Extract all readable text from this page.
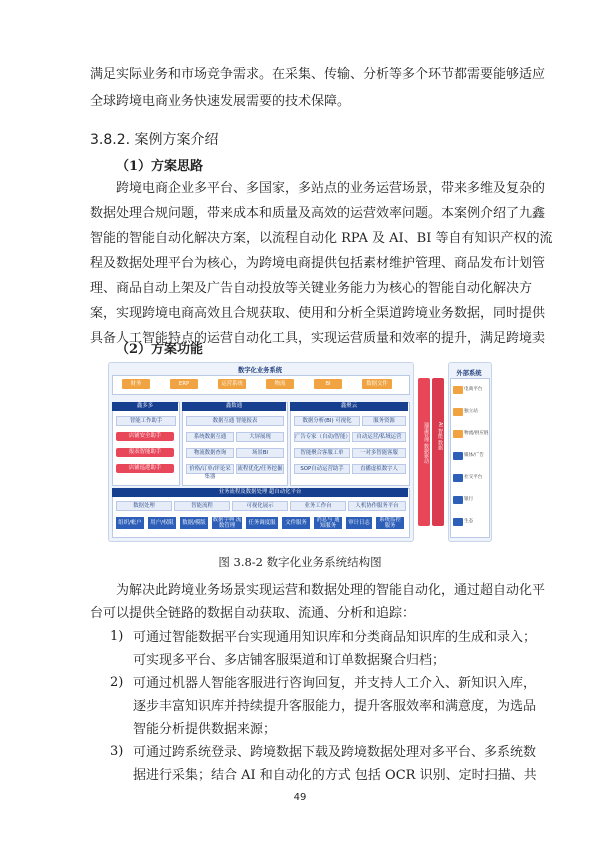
满足实际业务和市场竞争需求。在采集、传输、分析等多个环节都需要能够适应
全球跨境电商业务快速发展需要的技术保障。
3.8.2. 案例方案介绍
（1）方案思路
跨境电商企业多平台、多国家，多站点的业务运营场景，带来多维及复杂的
数据处理合规问题，带来成本和质量及高效的运营效率问题。本案例介绍了九鑫
智能的智能自动化解决方案，以流程自动化 RPA 及 AI、BI 等自有知识产权的流
程及数据处理平台为核心，为跨境电商提供包括素材维护管理、商品发布计划管
理、商品自动上架及广告自动投放等关键业务能力为核心的智能自动化解决方
案，实现跨境电商高效且合规获取、使用和分析全渠道跨境业务数据，同时提供
具备人工智能特点的运营自动化工具，实现运营质量和效率的提升，满足跨境卖
（2）方案功能
数字化业务系统
财务	ERP	运营系统	物流	BI	数据文件
鑫多多
智能工作助手
店铺安全助手
报表智能助手
店铺巡逻助手
鑫数通
数据互通 智能报表
系统数据互通
物流数据查询
价格/订单/评论采集器
大屏展现
场景BI
流程优化/任务挖掘
鑫聚云
数据分析(BI) 可视化	服务资源
广告专家（自动/智能）
智能聚合客服工单
SOP自动运营助手
自动运营/私域运营
一对多智能客服
直播虚拟数字人
业务流程及数据处理 超自动化平台
数据处理	智能流程	可视化展示	业务工作台	人机协作服务平台
组织/帐户	用户/权限	数据/模版	数据字典 流数管理	任务调度服务
文件服务	消息与 通知服务	审计日志	系统监控 服务
通道管理 数据驱动	AI 智能 数据
外部系统
电商平台
独立站
物流/供应链
媒体/广告
社交平台
银行
生态
图 3.8-2 数字化业务系统结构图
为解决此跨境业务场景实现运营和数据处理的智能自动化，通过超自动化平
台可以提供全链路的数据自动获取、流通、分析和追踪：
1) 可通过智能数据平台实现通用知识库和分类商品知识库的生成和录入；
可实现多平台、多店铺客服渠道和订单数据聚合归档；
2) 可通过机器人智能客服进行咨询回复，并支持人工介入、新知识入库，
逐步丰富知识库并持续提升客服能力，提升客服效率和满意度，为选品
智能分析提供数据来源；
3) 可通过跨系统登录、跨境数据下载及跨境数据处理对多平台、多系统数
据进行采集；结合 AI 和自动化的方式 包括 OCR 识别、定时扫描、共
49
